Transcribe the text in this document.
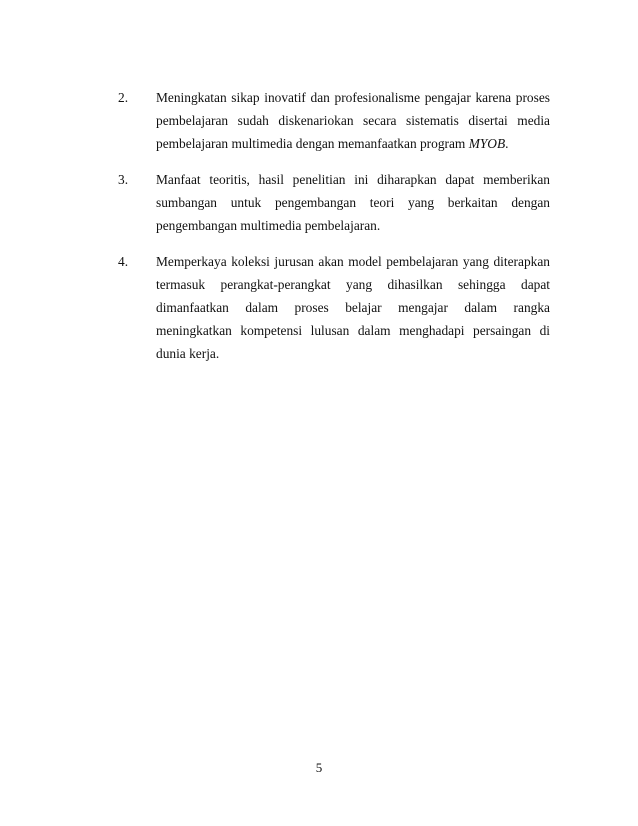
2.	Meningkatan sikap inovatif dan profesionalisme pengajar karena proses pembelajaran sudah diskenariokan secara sistematis disertai media pembelajaran multimedia dengan memanfaatkan program MYOB.
3.	Manfaat teoritis, hasil penelitian ini diharapkan dapat memberikan sumbangan untuk pengembangan teori yang berkaitan dengan pengembangan multimedia pembelajaran.
4.	Memperkaya koleksi jurusan akan model pembelajaran yang diterapkan termasuk perangkat-perangkat yang dihasilkan sehingga dapat dimanfaatkan dalam proses belajar mengajar dalam rangka meningkatkan kompetensi lulusan dalam menghadapi persaingan di dunia kerja.
5
